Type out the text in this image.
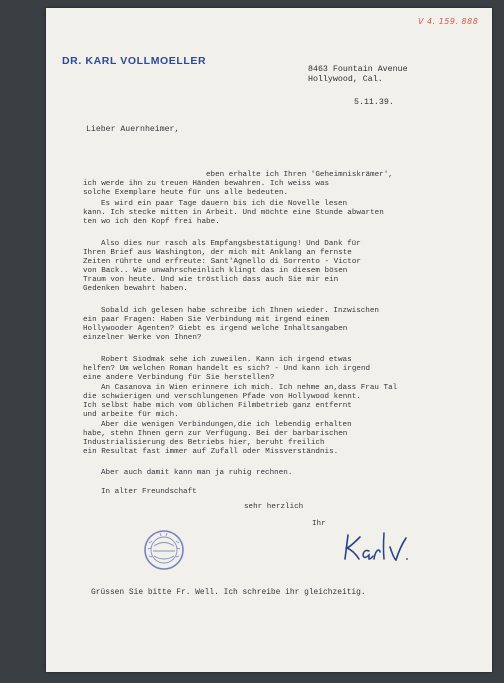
V 4. 159. 888
DR. KARL VOLLMOELLER
8463 Fountain Avenue
Hollywood, Cal.
5.11.39.
Lieber Auernheimer,
eben erhalte ich Ihren 'Geheimniskrämer',
ich werde ihn zu treuen Händen bewahren. Ich weiss was
solche Exemplare heute für uns alle bedeuten.
Es wird ein paar Tage dauern bis ich die Novelle lesen
kann. Ich stecke mitten in Arbeit. Und möchte eine Stunde abwarten
ten wo ich den Kopf frei habe.
Also dies nur rasch als Empfangsbestätigung! Und Dank für
Ihren Brief aus Washington, der mich mit Anklang an fernste
Zeiten rührte und erfreute: Sant'Agnello di Sorrento - Victor
von Back.. Wie unwahrscheinlich klingt das in diesem bösen
Traum von heute. Und wie tröstlich dass auch Sie mir ein
Gedenken bewahrt haben.
Sobald ich gelesen habe schreibe ich Ihnen wieder. Inzwischen
ein paar Fragen: Haben Sie Verbindung mit irgend einem
Hollywooder Agenten? Giebt es irgend welche Inhaltsangaben
einzelner Werke von Ihnen?
Robert Siodmak sehe ich zuweilen. Kann ich irgend etwas
helfen? Um welchen Roman handelt es sich? - Und kann ich irgend
eine andere Verbindung für Sie herstellen?
An Casanova in Wien erinnere ich mich. Ich nehme an,dass Frau Tal
die schwierigen und verschlungenen Pfade von Hollywood kennt.
Ich selbst habe mich vom üblichen Filmbetrieb ganz entfernt
und arbeite für mich.
Aber die wenigen Verbindungen,die ich lebendig erhalten
habe, stehn Ihnen gern zur Verfügung. Bei der barbarischen
Industrialisierung des Betriebs hier, beruht freilich
ein Resultat fast immer auf Zufall oder Missverständnis.
Aber auch damit kann man ja ruhig rechnen.
In alter Freundschaft
sehr herzlich
Ihr
Grüssen Sie bitte Fr. Well. Ich schreibe ihr gleichzeitig.
